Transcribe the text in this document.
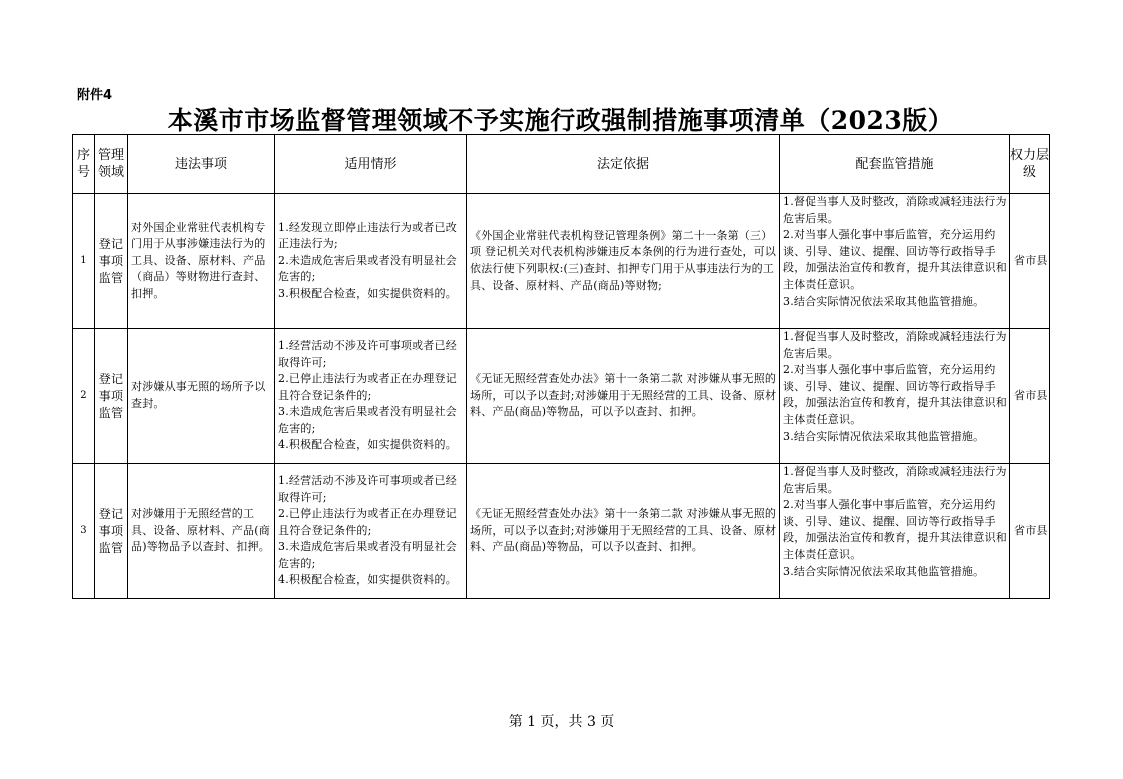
附件4
本溪市市场监督管理领域不予实施行政强制措施事项清单（2023版）
序号	管理领域	违法事项	适用情形	法定依据	配套监管措施	权力层级
1	登记事项监管	对外国企业常驻代表机构专门用于从事涉嫌违法行为的工具、设备、原材料、产品（商品）等财物进行查封、扣押。	1.经发现立即停止违法行为或者已改正违法行为;
2.未造成危害后果或者没有明显社会危害的;
3.积极配合检查，如实提供资料的。	《外国企业常驻代表机构登记管理条例》第二十一条第（三）项 登记机关对代表机构涉嫌违反本条例的行为进行查处，可以依法行使下列职权:(三)查封、扣押专门用于从事违法行为的工具、设备、原材料、产品(商品)等财物;	1.督促当事人及时整改，消除或减轻违法行为危害后果。
2.对当事人强化事中事后监管，充分运用约谈、引导、建议、提醒、回访等行政指导手段，加强法治宣传和教育，提升其法律意识和主体责任意识。
3.结合实际情况依法采取其他监管措施。	省市县
2	登记事项监管	对涉嫌从事无照的场所予以查封。	1.经营活动不涉及许可事项或者已经取得许可;
2.已停止违法行为或者正在办理登记且符合登记条件的;
3.未造成危害后果或者没有明显社会危害的;
4.积极配合检查，如实提供资料的。	《无证无照经营查处办法》第十一条第二款 对涉嫌从事无照的场所，可以予以查封;对涉嫌用于无照经营的工具、设备、原材料、产品(商品)等物品，可以予以查封、扣押。	1.督促当事人及时整改，消除或减轻违法行为危害后果。
2.对当事人强化事中事后监管，充分运用约谈、引导、建议、提醒、回访等行政指导手段，加强法治宣传和教育，提升其法律意识和主体责任意识。
3.结合实际情况依法采取其他监管措施。	省市县
3	登记事项监管	对涉嫌用于无照经营的工具、设备、原材料、产品(商品)等物品予以查封、扣押。	1.经营活动不涉及许可事项或者已经取得许可;
2.已停止违法行为或者正在办理登记且符合登记条件的;
3.未造成危害后果或者没有明显社会危害的;
4.积极配合检查，如实提供资料的。	《无证无照经营查处办法》第十一条第二款 对涉嫌从事无照的场所，可以予以查封;对涉嫌用于无照经营的工具、设备、原材料、产品(商品)等物品，可以予以查封、扣押。	1.督促当事人及时整改，消除或减轻违法行为危害后果。
2.对当事人强化事中事后监管，充分运用约谈、引导、建议、提醒、回访等行政指导手段，加强法治宣传和教育，提升其法律意识和主体责任意识。
3.结合实际情况依法采取其他监管措施。	省市县
第 1 页，共 3 页
